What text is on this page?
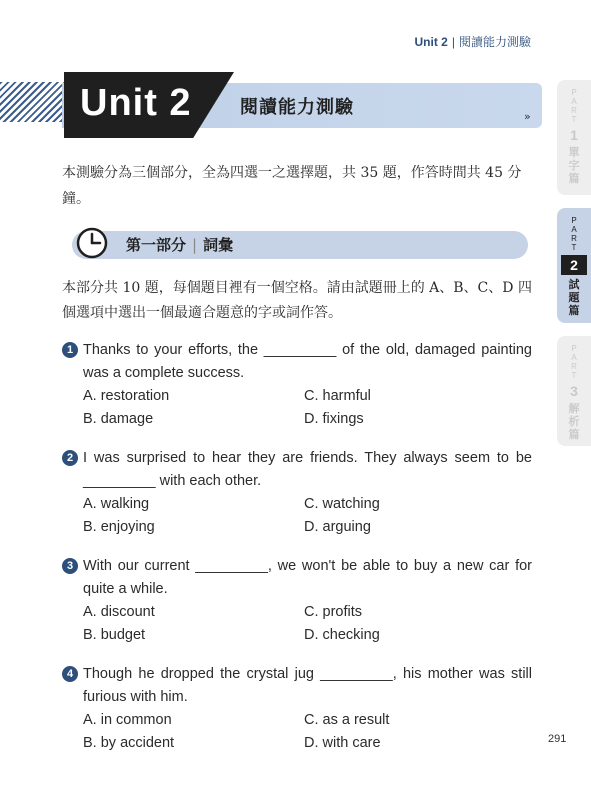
Unit 2 | 閱讀能力測驗
Unit 2	閱讀能力測驗	»
P
A
R
T
1
單字篇
P
A
R
T
2
試題篇
P
A
R
T
3
解析篇
本測驗分為三個部分，全為四選一之選擇題，共 35 題，作答時間共 45 分鐘。
第一部分 | 詞彙
本部分共 10 題，每個題目裡有一個空格。請由試題冊上的 A、B、C、D 四個選項中選出一個最適合題意的字或詞作答。
1 Thanks to your efforts, the _________ of the old, damaged painting was a complete success.
A. restoration	C. harmful
B. damage	D. fixings
2 I was surprised to hear they are friends. They always seem to be _________ with each other.
A. walking	C. watching
B. enjoying	D. arguing
3 With our current _________, we won't be able to buy a new car for quite a while.
A. discount	C. profits
B. budget	D. checking
4 Though he dropped the crystal jug _________, his mother was still furious with him.
A. in common	C. as a result
B. by accident	D. with care	291
